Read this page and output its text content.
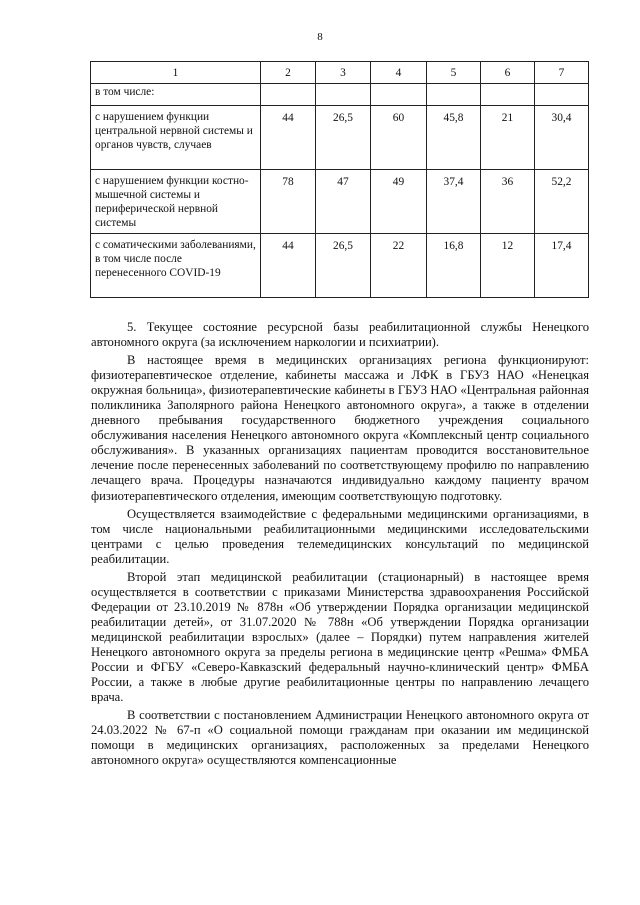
8
1	2	3	4	5	6	7
в том числе:						
с нарушением функции центральной нервной системы и органов чувств, случаев	44	26,5	60	45,8	21	30,4
с нарушением функции костно-мышечной системы и периферической нервной системы	78	47	49	37,4	36	52,2
с соматическими заболеваниями, в том числе после перенесенного COVID-19	44	26,5	22	16,8	12	17,4

5. Текущее состояние ресурсной базы реабилитационной службы Ненецкого автономного округа (за исключением наркологии и психиатрии).

В настоящее время в медицинских организациях региона функционируют: физиотерапевтическое отделение, кабинеты массажа и ЛФК в ГБУЗ НАО «Ненецкая окружная больница», физиотерапевтические кабинеты в ГБУЗ НАО «Центральная районная поликлиника Заполярного района Ненецкого автономного округа», а также в отделении дневного пребывания государственного бюджетного учреждения социального обслуживания населения Ненецкого автономного округа «Комплексный центр социального обслуживания». В указанных организациях пациентам проводится восстановительное лечение после перенесенных заболеваний по соответствующему профилю по направлению лечащего врача. Процедуры назначаются индивидуально каждому пациенту врачом физиотерапевтического отделения, имеющим соответствующую подготовку.

Осуществляется взаимодействие с федеральными медицинскими организациями, в том числе национальными реабилитационными медицинскими исследовательскими центрами с целью проведения телемедицинских консультаций по медицинской реабилитации.

Второй этап медицинской реабилитации (стационарный) в настоящее время осуществляется в соответствии с приказами Министерства здравоохранения Российской Федерации от 23.10.2019 № 878н «Об утверждении Порядка организации медицинской реабилитации детей», от 31.07.2020 № 788н «Об утверждении Порядка организации медицинской реабилитации взрослых» (далее – Порядки) путем направления жителей Ненецкого автономного округа за пределы региона в медицинские центр «Решма» ФМБА России и ФГБУ «Северо-Кавказский федеральный научно-клинический центр» ФМБА России, а также в любые другие реабилитационные центры по направлению лечащего врача.

В соответствии с постановлением Администрации Ненецкого автономного округа от 24.03.2022 № 67-п «О социальной помощи гражданам при оказании им медицинской помощи в медицинских организациях, расположенных за пределами Ненецкого автономного округа» осуществляются компенсационные
